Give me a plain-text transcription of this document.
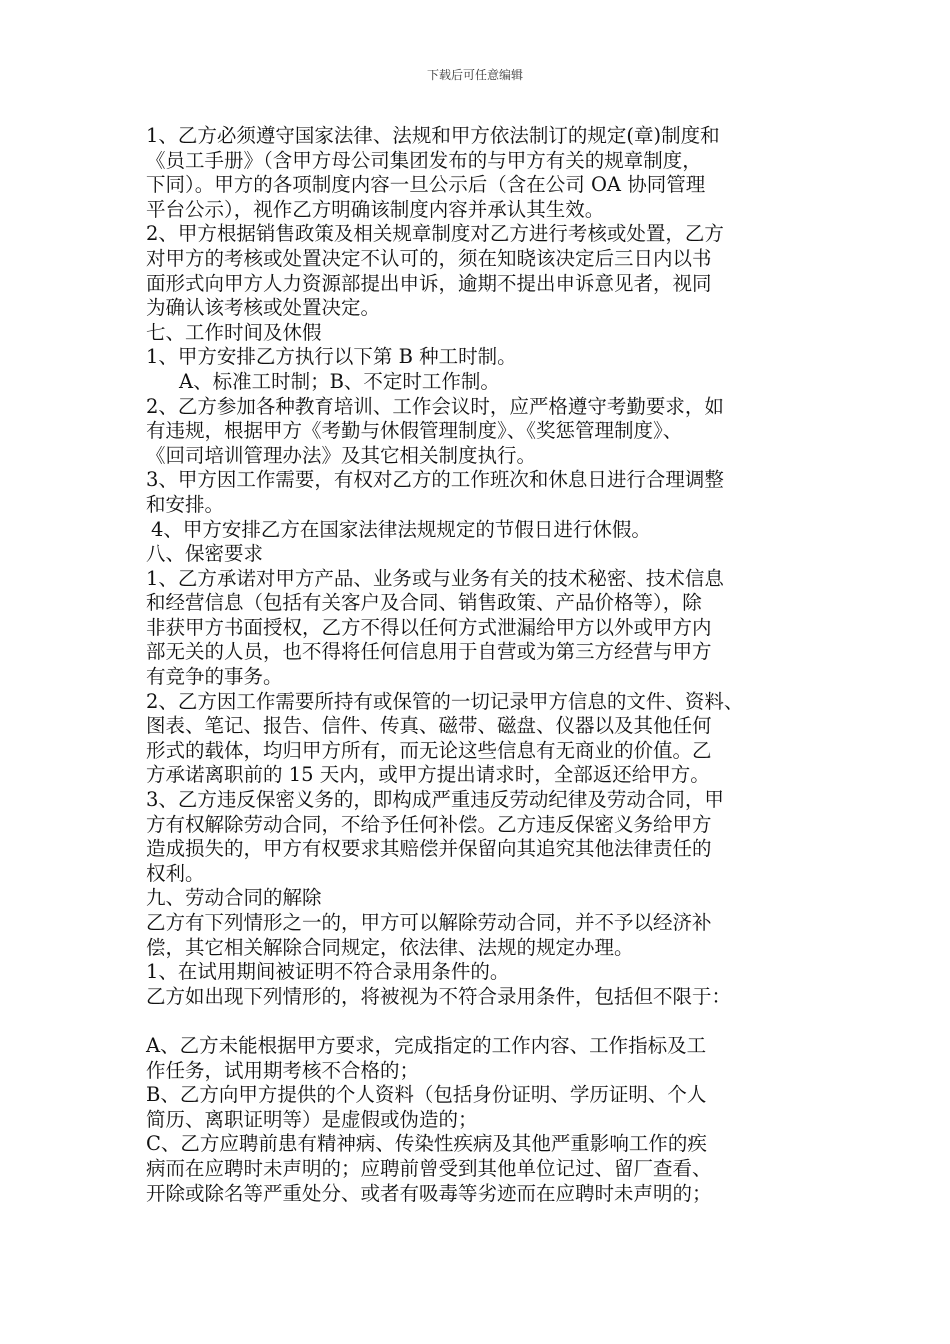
下载后可任意编辑

1、乙方必须遵守国家法律、法规和甲方依法制订的规定(章)制度和

《员工手册》（含甲方母公司集团发布的与甲方有关的规章制度，

下同）。甲方的各项制度内容一旦公示后（含在公司 OA 协同管理

平台公示），视作乙方明确该制度内容并承认其生效。

2、甲方根据销售政策及相关规章制度对乙方进行考核或处置，乙方

对甲方的考核或处置决定不认可的，须在知晓该决定后三日内以书

面形式向甲方人力资源部提出申诉，逾期不提出申诉意见者，视同

为确认该考核或处置决定。

七、工作时间及休假

1、甲方安排乙方执行以下第 B 种工时制。

A、标准工时制；B、不定时工作制。

2、乙方参加各种教育培训、工作会议时，应严格遵守考勤要求，如

有违规，根据甲方《考勤与休假管理制度》、《奖惩管理制度》、

《回司培训管理办法》及其它相关制度执行。

3、甲方因工作需要，有权对乙方的工作班次和休息日进行合理调整

和安排。

4、甲方安排乙方在国家法律法规规定的节假日进行休假。

八、保密要求

1、乙方承诺对甲方产品、业务或与业务有关的技术秘密、技术信息

和经营信息（包括有关客户及合同、销售政策、产品价格等），除

非获甲方书面授权，乙方不得以任何方式泄漏给甲方以外或甲方内

部无关的人员，也不得将任何信息用于自营或为第三方经营与甲方

有竞争的事务。

2、乙方因工作需要所持有或保管的一切记录甲方信息的文件、资料、

图表、笔记、报告、信件、传真、磁带、磁盘、仪器以及其他任何

形式的载体，均归甲方所有，而无论这些信息有无商业的价值。乙

方承诺离职前的 15 天内，或甲方提出请求时，全部返还给甲方。

3、乙方违反保密义务的，即构成严重违反劳动纪律及劳动合同，甲

方有权解除劳动合同，不给予任何补偿。乙方违反保密义务给甲方

造成损失的，甲方有权要求其赔偿并保留向其追究其他法律责任的

权利。

九、劳动合同的解除

乙方有下列情形之一的，甲方可以解除劳动合同，并不予以经济补

偿，其它相关解除合同规定，依法律、法规的规定办理。

1、在试用期间被证明不符合录用条件的。

乙方如出现下列情形的，将被视为不符合录用条件，包括但不限于：

A、乙方未能根据甲方要求，完成指定的工作内容、工作指标及工

作任务，试用期考核不合格的；

B、乙方向甲方提供的个人资料（包括身份证明、学历证明、个人

简历、离职证明等）是虚假或伪造的；

C、乙方应聘前患有精神病、传染性疾病及其他严重影响工作的疾

病而在应聘时未声明的；应聘前曾受到其他单位记过、留厂查看、

开除或除名等严重处分、或者有吸毒等劣迹而在应聘时未声明的；
